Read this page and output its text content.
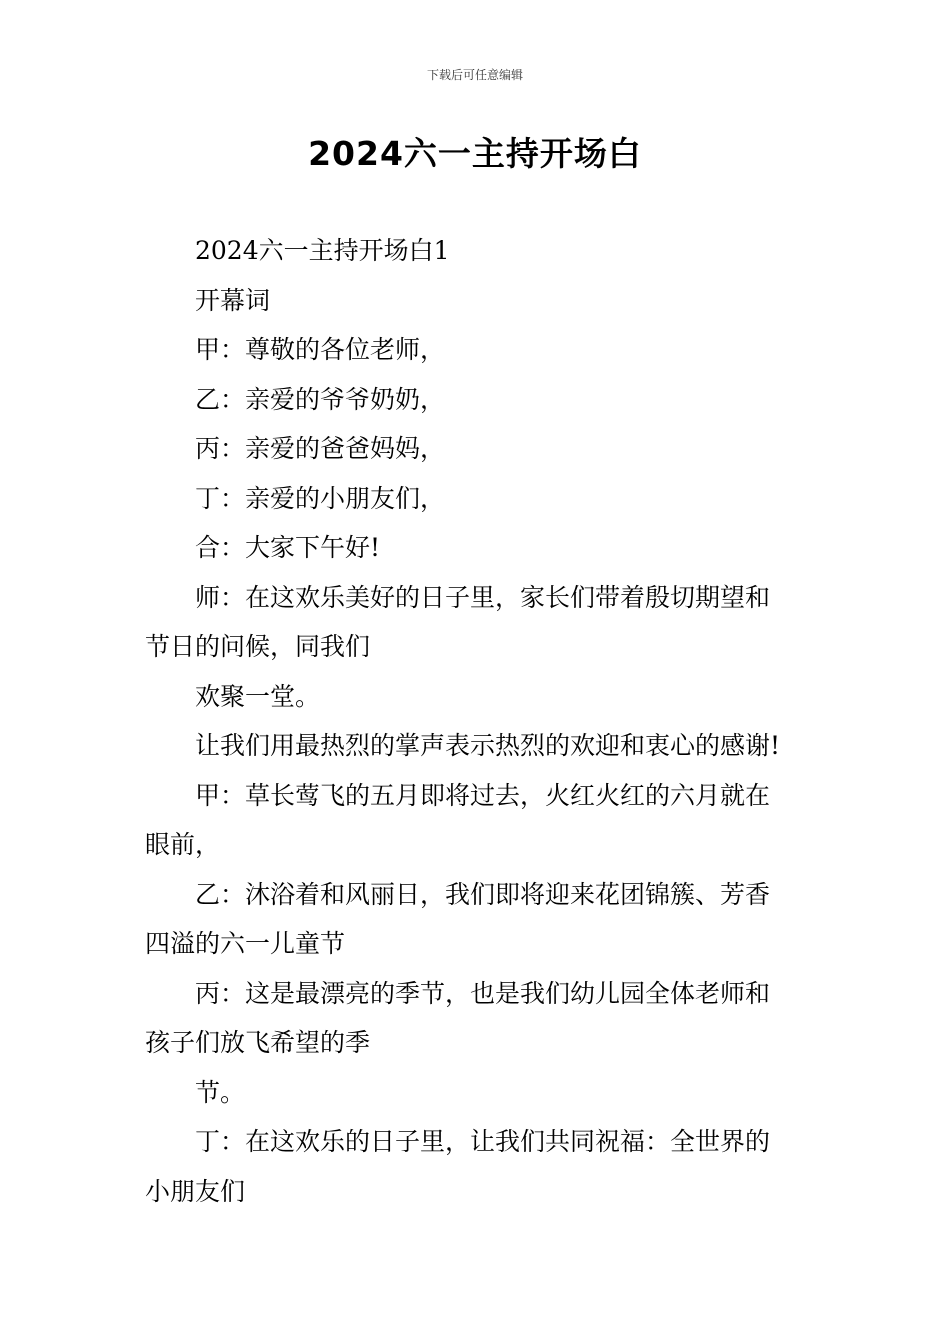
下载后可任意编辑
2024六一主持开场白

2024六一主持开场白1

开幕词

甲：尊敬的各位老师，

乙：亲爱的爷爷奶奶，

丙：亲爱的爸爸妈妈，

丁：亲爱的小朋友们，

合：大家下午好!

师：在这欢乐美好的日子里，家长们带着殷切期望和

节日的问候，同我们

欢聚一堂。

让我们用最热烈的掌声表示热烈的欢迎和衷心的感谢!

甲：草长莺飞的五月即将过去，火红火红的六月就在

眼前，

乙：沐浴着和风丽日，我们即将迎来花团锦簇、芳香

四溢的六一儿童节

丙：这是最漂亮的季节，也是我们幼儿园全体老师和

孩子们放飞希望的季

节。

丁：在这欢乐的日子里，让我们共同祝福：全世界的

小朋友们
